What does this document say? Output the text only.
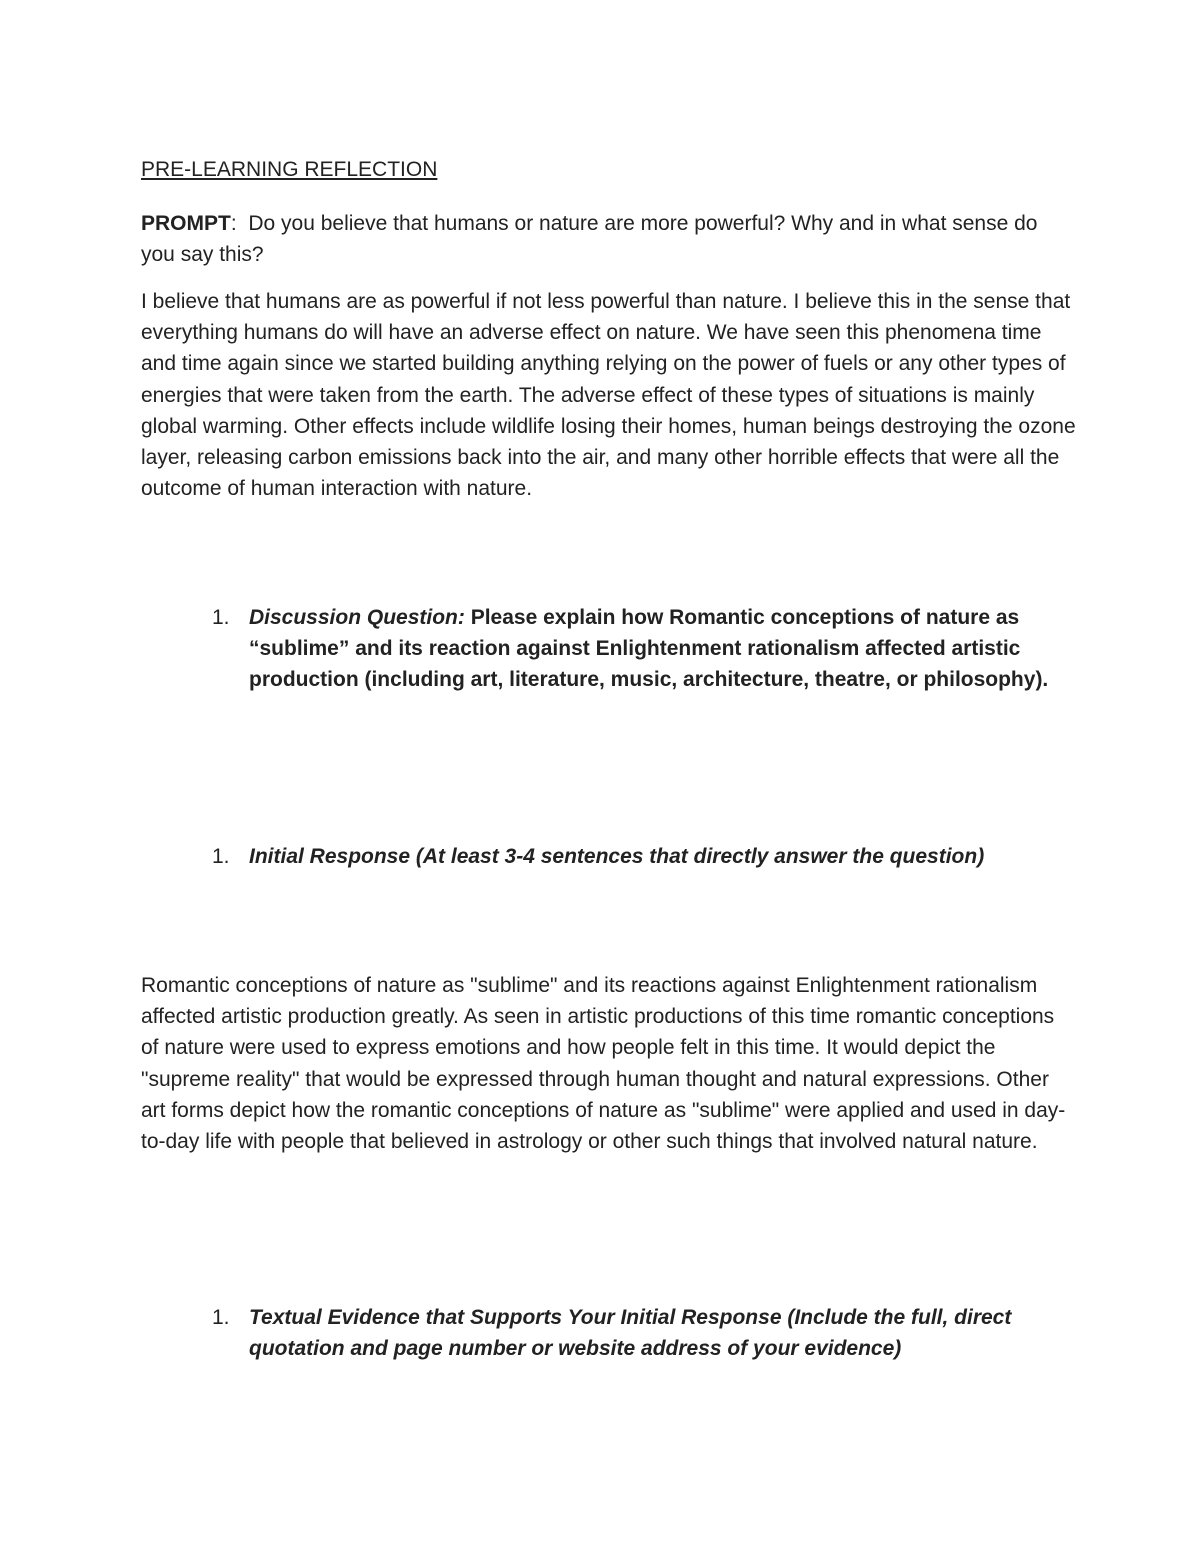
PRE-LEARNING REFLECTION
PROMPT: Do you believe that humans or nature are more powerful? Why and in what sense do you say this?
I believe that humans are as powerful if not less powerful than nature. I believe this in the sense that everything humans do will have an adverse effect on nature. We have seen this phenomena time and time again since we started building anything relying on the power of fuels or any other types of energies that were taken from the earth. The adverse effect of these types of situations is mainly global warming. Other effects include wildlife losing their homes, human beings destroying the ozone layer, releasing carbon emissions back into the air, and many other horrible effects that were all the outcome of human interaction with nature.
1. Discussion Question: Please explain how Romantic conceptions of nature as “sublime” and its reaction against Enlightenment rationalism affected artistic production (including art, literature, music, architecture, theatre, or philosophy).
1. Initial Response (At least 3-4 sentences that directly answer the question)
Romantic conceptions of nature as "sublime" and its reactions against Enlightenment rationalism affected artistic production greatly. As seen in artistic productions of this time romantic conceptions of nature were used to express emotions and how people felt in this time. It would depict the "supreme reality" that would be expressed through human thought and natural expressions. Other art forms depict how the romantic conceptions of nature as "sublime" were applied and used in day-to-day life with people that believed in astrology or other such things that involved natural nature.
1. Textual Evidence that Supports Your Initial Response (Include the full, direct quotation and page number or website address of your evidence)
